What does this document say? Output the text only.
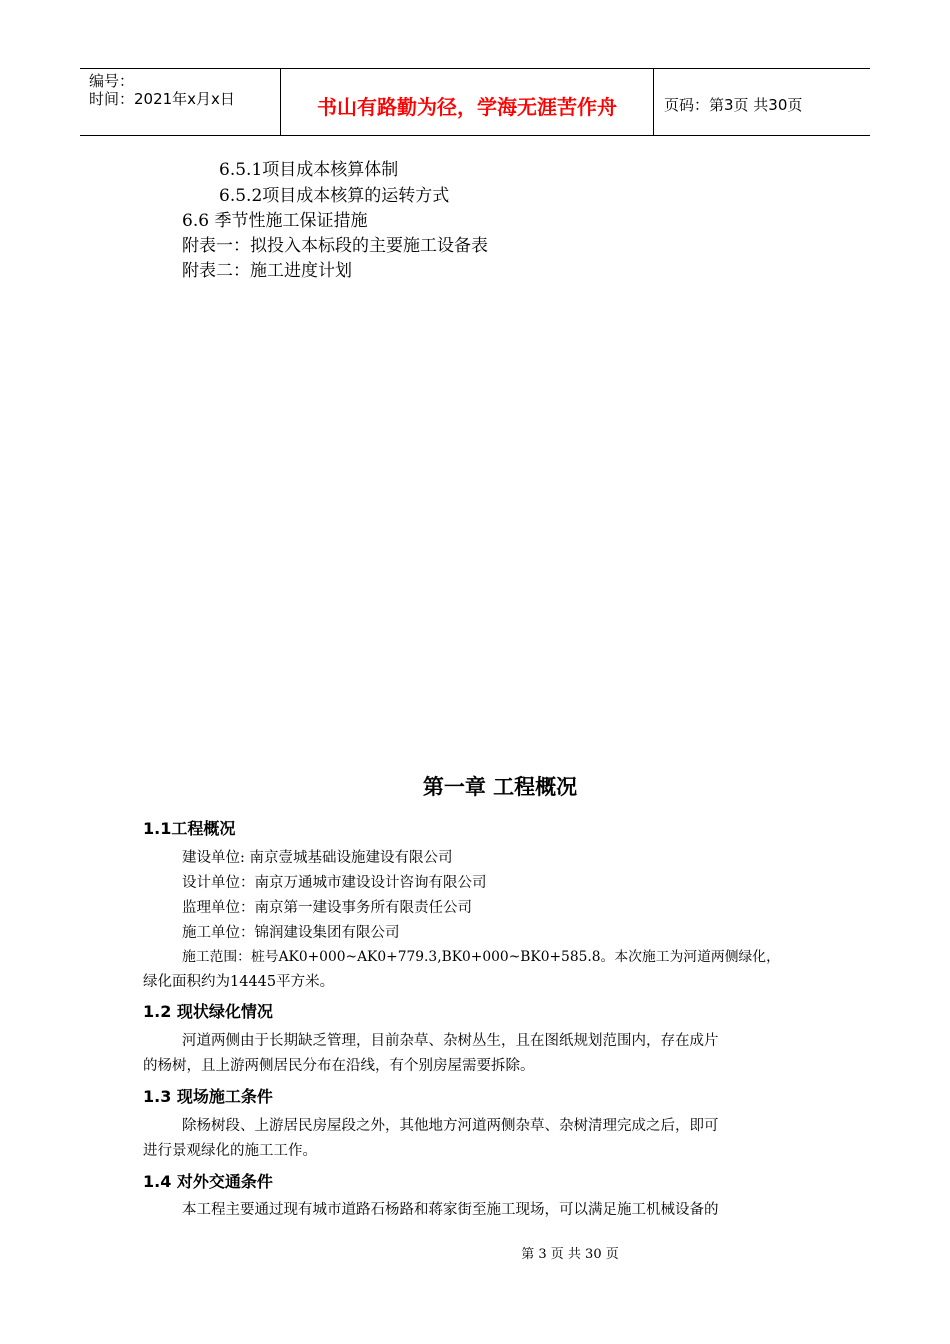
编号：
时间：2021年x月x日	书山有路勤为径，学海无涯苦作舟	页码：第3页 共30页
6.5.1项目成本核算体制
6.5.2项目成本核算的运转方式
6.6 季节性施工保证措施
附表一：拟投入本标段的主要施工设备表
附表二：施工进度计划
第一章 工程概况
1.1工程概况
建设单位: 南京壹城基础设施建设有限公司
设计单位：南京万通城市建设设计咨询有限公司
监理单位：南京第一建设事务所有限责任公司
施工单位：锦润建设集团有限公司
施工范围：桩号AK0+000~AK0+779.3,BK0+000~BK0+585.8。本次施工为河道两侧绿化，
绿化面积约为14445平方米。
1.2 现状绿化情况
河道两侧由于长期缺乏管理，目前杂草、杂树丛生，且在图纸规划范围内，存在成片
的杨树，且上游两侧居民分布在沿线，有个别房屋需要拆除。
1.3 现场施工条件
除杨树段、上游居民房屋段之外，其他地方河道两侧杂草、杂树清理完成之后，即可
进行景观绿化的施工工作。
1.4 对外交通条件
本工程主要通过现有城市道路石杨路和蒋家街至施工现场，可以满足施工机械设备的
第 3 页 共 30 页
